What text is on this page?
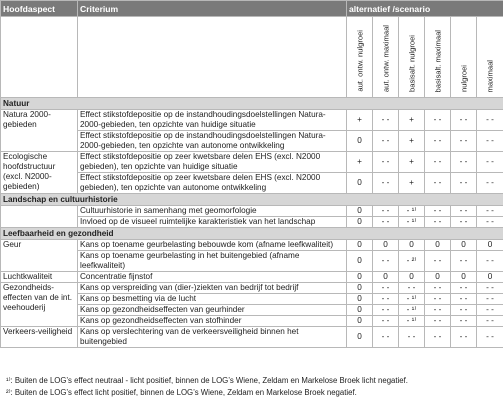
Hoofdaspect	Criterium	alternatief /scenario					

		aut. ontw. nulgroei	aut. ontw. maximaal	basisalt. nulgroei	basisalt. maximaal	nulgroei	maximaal

Natuur							
Natura 2000-gebieden	Effect stikstofdepositie op de instandhoudingsdoelstellingen Natura-2000-gebieden, ten opzichte van huidige situatie	+	- -	+	- -	- -	- -
	Effect stikstofdepositie op de instandhoudingsdoelstellingen Natura-2000-gebieden, ten opzichte van autonome ontwikkeling	0	- -	+	- -	- -	- -
Ecologische hoofdstructuur (excl. N2000-gebieden)	Effect stikstofdepositie op zeer kwetsbare delen EHS (excl. N2000 gebieden), ten opzichte van huidige situatie	+	- -	+	- -	- -	- -
	Effect stikstofdepositie op zeer kwetsbare delen EHS (excl. N2000 gebieden), ten opzichte van autonome ontwikkeling	0	- -	+	- -	- -	- -
Landschap en cultuurhistorie							
	Cultuurhistorie in samenhang met geomorfologie	0	- -	- ¹⁾	- -	- -	- -
	Invloed op de visueel ruimtelijke karakteristiek van het landschap	0	- -	- ¹⁾	- -	- -	- -
Leefbaarheid en gezondheid							
Geur	Kans op toename geurbelasting bebouwde kom (afname leefkwaliteit)	0	0	0	0	0	0
	Kans op toename geurbelasting in het buitengebied (afname leefkwaliteit)	0	- -	- ²⁾	- -	- -	- -
Luchtkwaliteit	Concentratie fijnstof	0	0	0	0	0	0
Gezondheids-effecten van de int. veehouderij	Kans op verspreiding van (dier-)ziekten van bedrijf tot bedrijf	0	- -	- -	- -	- -	- -
	Kans op besmetting via de lucht	0	- -	- ¹⁾	- -	- -	- -
	Kans op gezondheidseffecten van geurhinder	0	- -	- ¹⁾	- -	- -	- -
	Kans op gezondheidseffecten van stofhinder	0	- -	- ¹⁾	- -	- -	- -
Verkeers-veiligheid	Kans op verslechtering van de verkeersveiligheid binnen het buitengebied	0	- -	- -	- -	- -	- -
¹⁾: Buiten de LOG’s effect neutraal - licht positief, binnen de LOG’s Wiene, Zeldam en Markelose Broek licht negatief.
²⁾: Buiten de LOG’s effect licht positief, binnen de LOG’s Wiene, Zeldam en Markelose Broek negatief.
